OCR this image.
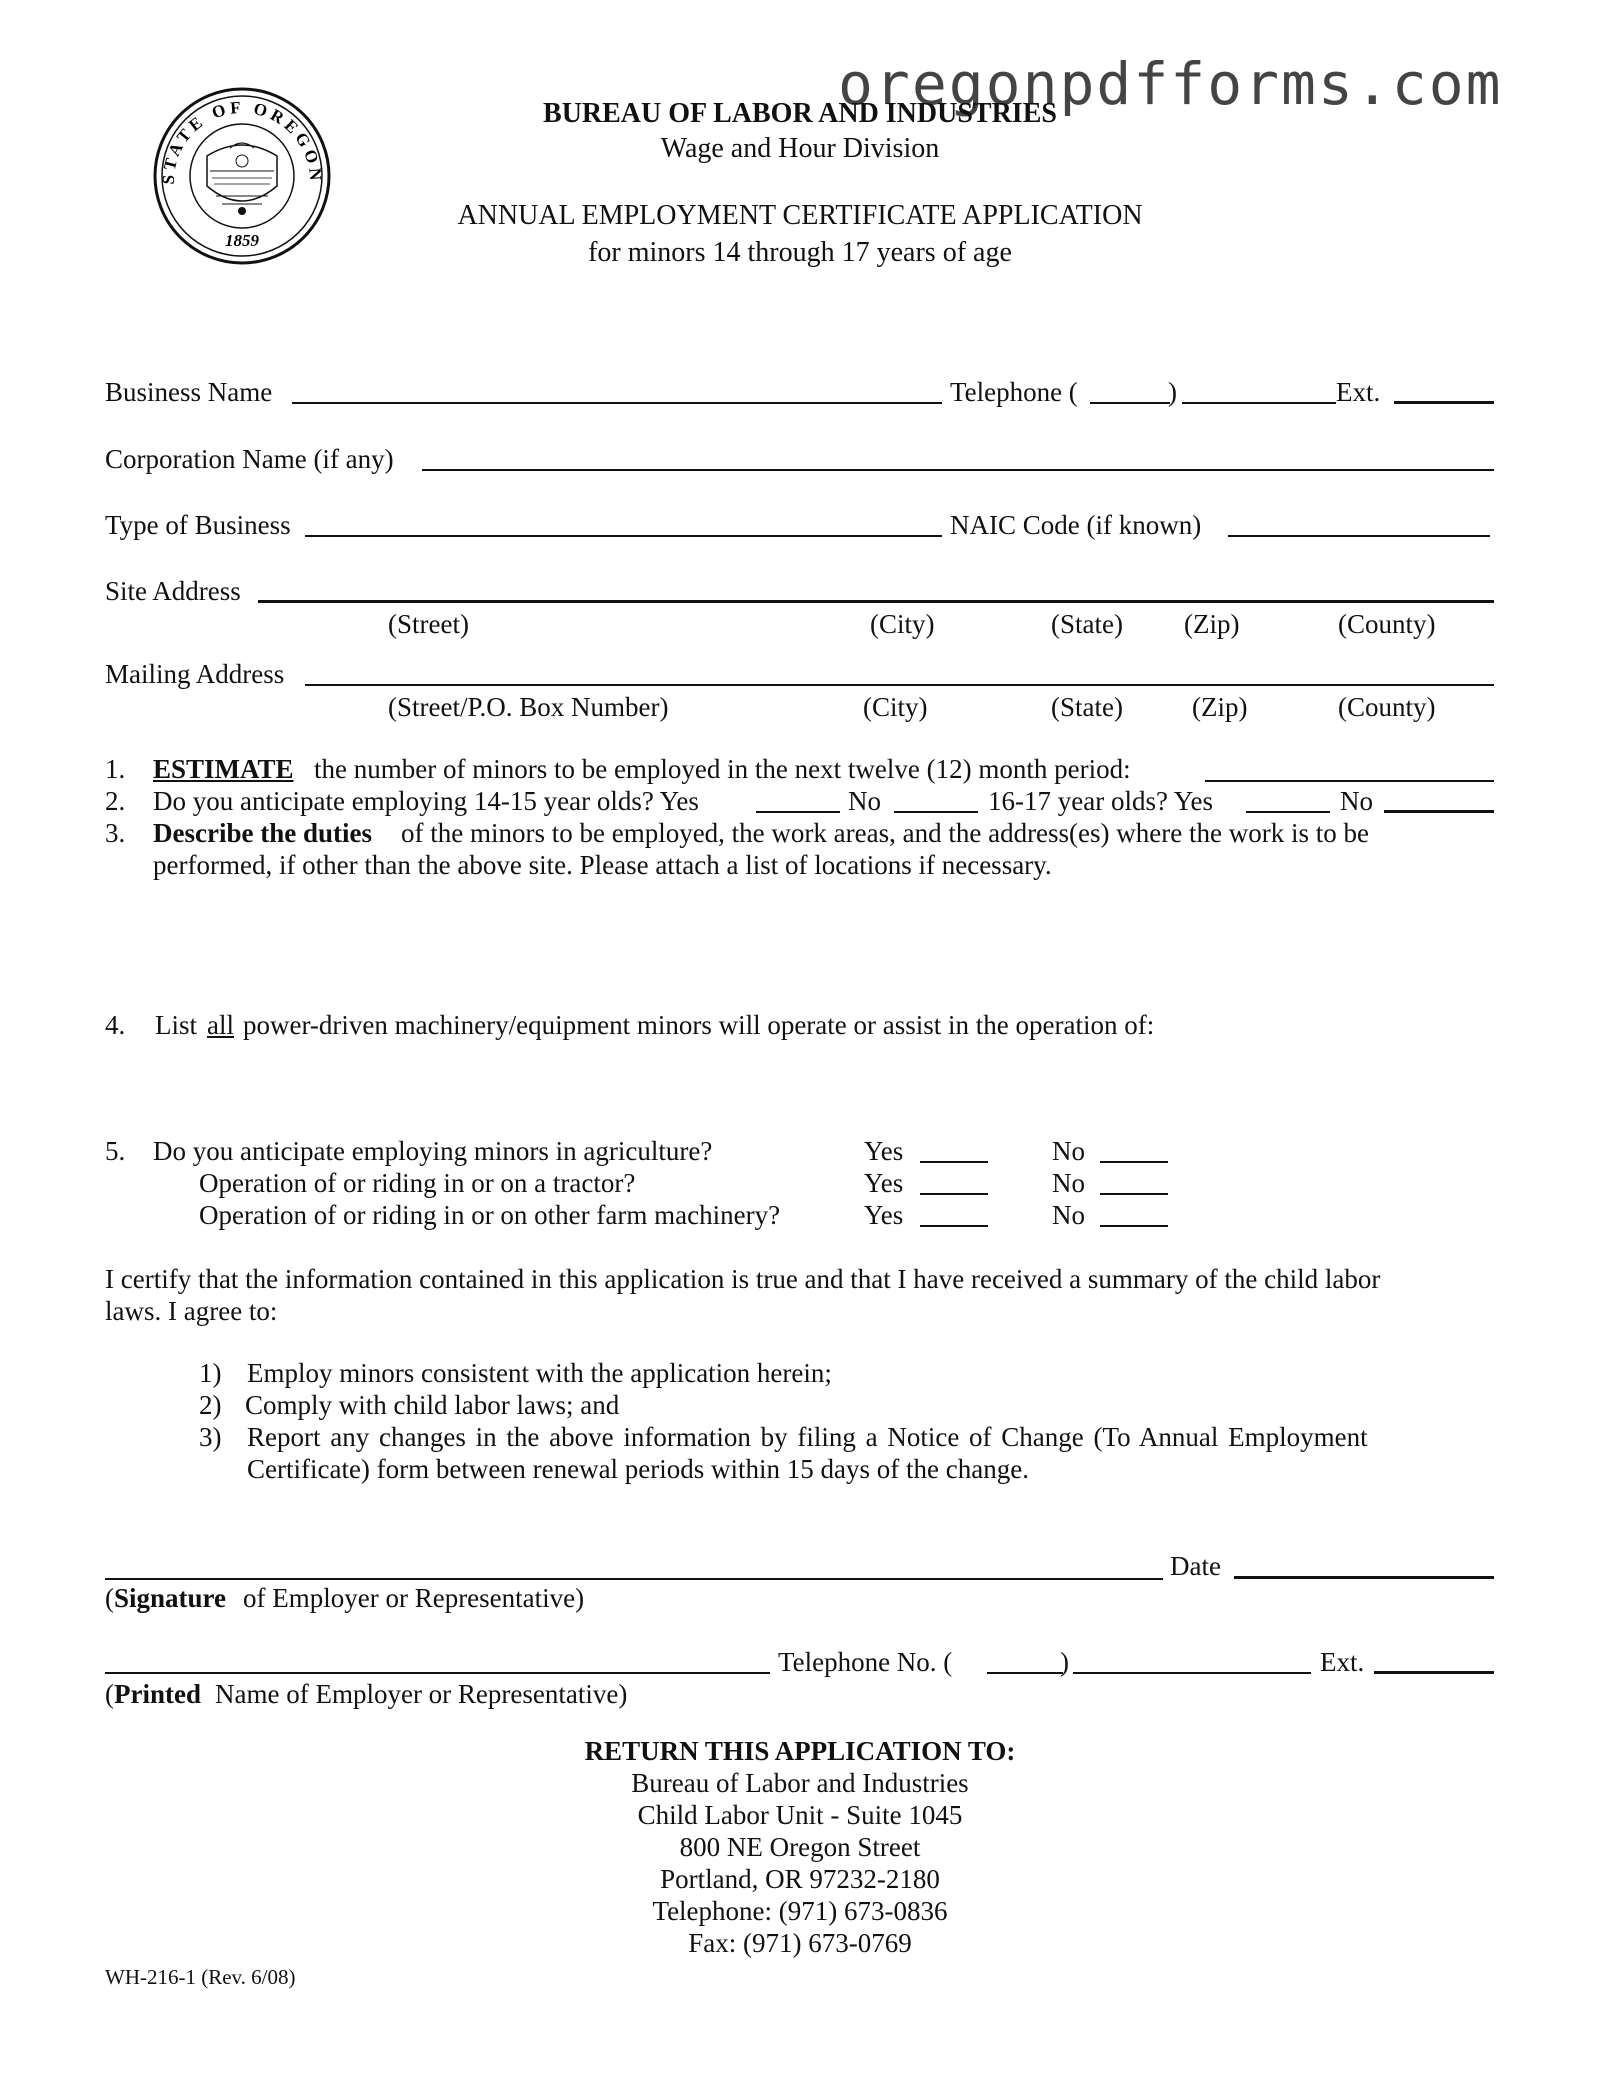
STATE OF OREGON
1859
oregonpdfforms.com
BUREAU OF LABOR AND INDUSTRIES
Wage and Hour Division
ANNUAL EMPLOYMENT CERTIFICATE APPLICATION
for minors 14 through 17 years of age
Business Name	Telephone (	)	Ext.
Corporation Name (if any)
Type of Business	NAIC Code (if known)
Site Address
(Street)	(City)	(State) (Zip)	(County)
Mailing Address
(Street/P.O. Box Number)	(City)	(State)	(Zip)	(County)
1. ESTIMATE the number of minors to be employed in the next twelve (12) month period:
2. Do you anticipate employing 14-15 year olds? Yes	No	16-17 year olds? Yes	No
3. Describe the duties of the minors to be employed, the work areas, and the address(es) where the work is to be
performed, if other than the above site. Please attach a list of locations if necessary.
4. List all power-driven machinery/equipment minors will operate or assist in the operation of:
5. Do you anticipate employing minors in agriculture?	Yes	No
Operation of or riding in or on a tractor?	Yes	No
Operation of or riding in or on other farm machinery?	Yes	No
I certify that the information contained in this application is true and that I have received a summary of the child labor
laws. I agree to:
1) Employ minors consistent with the application herein;
2) Comply with child labor laws; and
3) Report any changes in the above information by filing a Notice of Change (To Annual Employment
Certificate) form between renewal periods within 15 days of the change.
Date
( Signature of Employer or Representative)
Telephone No. (	)	Ext.
( Printed Name of Employer or Representative)
RETURN THIS APPLICATION TO:
Bureau of Labor and Industries
Child Labor Unit - Suite 1045
800 NE Oregon Street
Portland, OR 97232-2180
Telephone: (971) 673-0836
Fax: (971) 673-0769
WH-216-1 (Rev. 6/08)
